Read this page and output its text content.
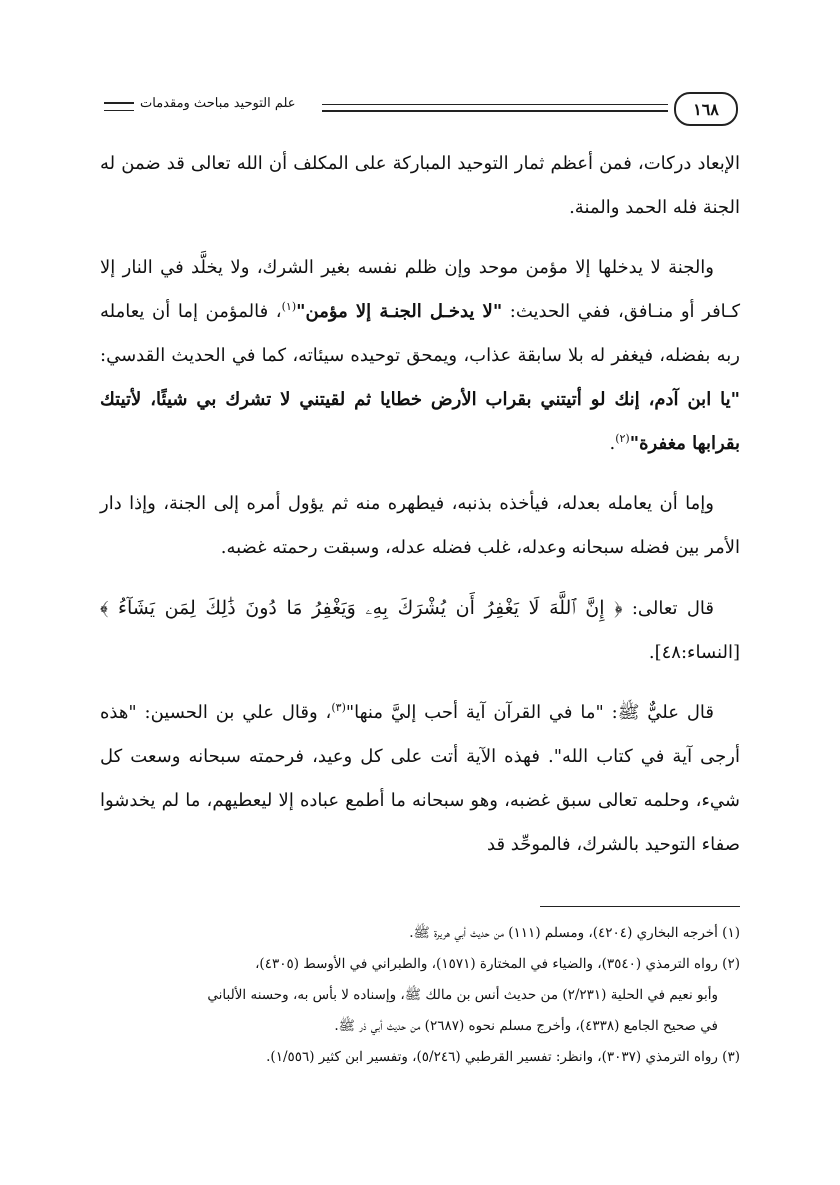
علم التوحيد مباحث ومقدمات	١٦٨

الإبعاد دركات، فمن أعظم ثمار التوحيد المباركة على المكلف أن الله تعالى قد ضمن له الجنة فله الحمد والمنة.

والجنة لا يدخلها إلا مؤمن موحد وإن ظلم نفسه بغير الشرك، ولا يخلَّد في النار إلا كـافر أو منـافق، ففي الحديث: "لا يدخـل الجنـة إلا مؤمن"$^{(١)}$، فالمؤمن إما أن يعامله ربه بفضله، فيغفر له بلا سابقة عذاب، ويمحق توحيده سيئاته، كما في الحديث القدسي: "يا ابن آدم، إنك لو أتيتني بقراب الأرض خطايا ثم لقيتني لا تشرك بي شيئًا، لأتيتك بقرابها مغفرة"$^{(٢)}$.

وإما أن يعامله بعدله، فيأخذه بذنبه، فيطهره منه ثم يؤول أمره إلى الجنة، وإذا دار الأمر بين فضله سبحانه وعدله، غلب فضله عدله، وسبقت رحمته غضبه.

قال تعالى: ﴿ إِنَّ ٱللَّهَ لَا يَغْفِرُ أَن يُشْرَكَ بِهِۦ وَيَغْفِرُ مَا دُونَ ذَٰلِكَ لِمَن يَشَآءُ ﴾ [النساء:٤٨].

قال عليٌّ ﷺ: "ما في القرآن آية أحب إليَّ منها"$^{(٣)}$، وقال علي بن الحسين: "هذه أرجى آية في كتاب الله". فهذه الآية أتت على كل وعيد، فرحمته سبحانه وسعت كل شيء، وحلمه تعالى سبق غضبه، وهو سبحانه ما أطمع عباده إلا ليعطيهم، ما لم يخدشوا صفاء التوحيد بالشرك، فالموحِّد قد

(١) أخرجه البخاري (٤٢٠٤)، ومسلم (١١١) من حديث أبي هريرة ﷺ.
(٢) رواه الترمذي (٣٥٤٠)، والضياء في المختارة (١٥٧١)، والطبراني في الأوسط (٤٣٠٥)،
وأبو نعيم في الحلية (٢/٢٣١) من حديث أنس بن مالك ﷺ، وإسناده لا بأس به، وحسنه الألباني
في صحيح الجامع (٤٣٣٨)، وأخرج مسلم نحوه (٢٦٨٧) من حديث أبي ذر ﷺ.
(٣) رواه الترمذي (٣٠٣٧)، وانظر: تفسير القرطبي (٥/٢٤٦)، وتفسير ابن كثير (١/٥٥٦).
